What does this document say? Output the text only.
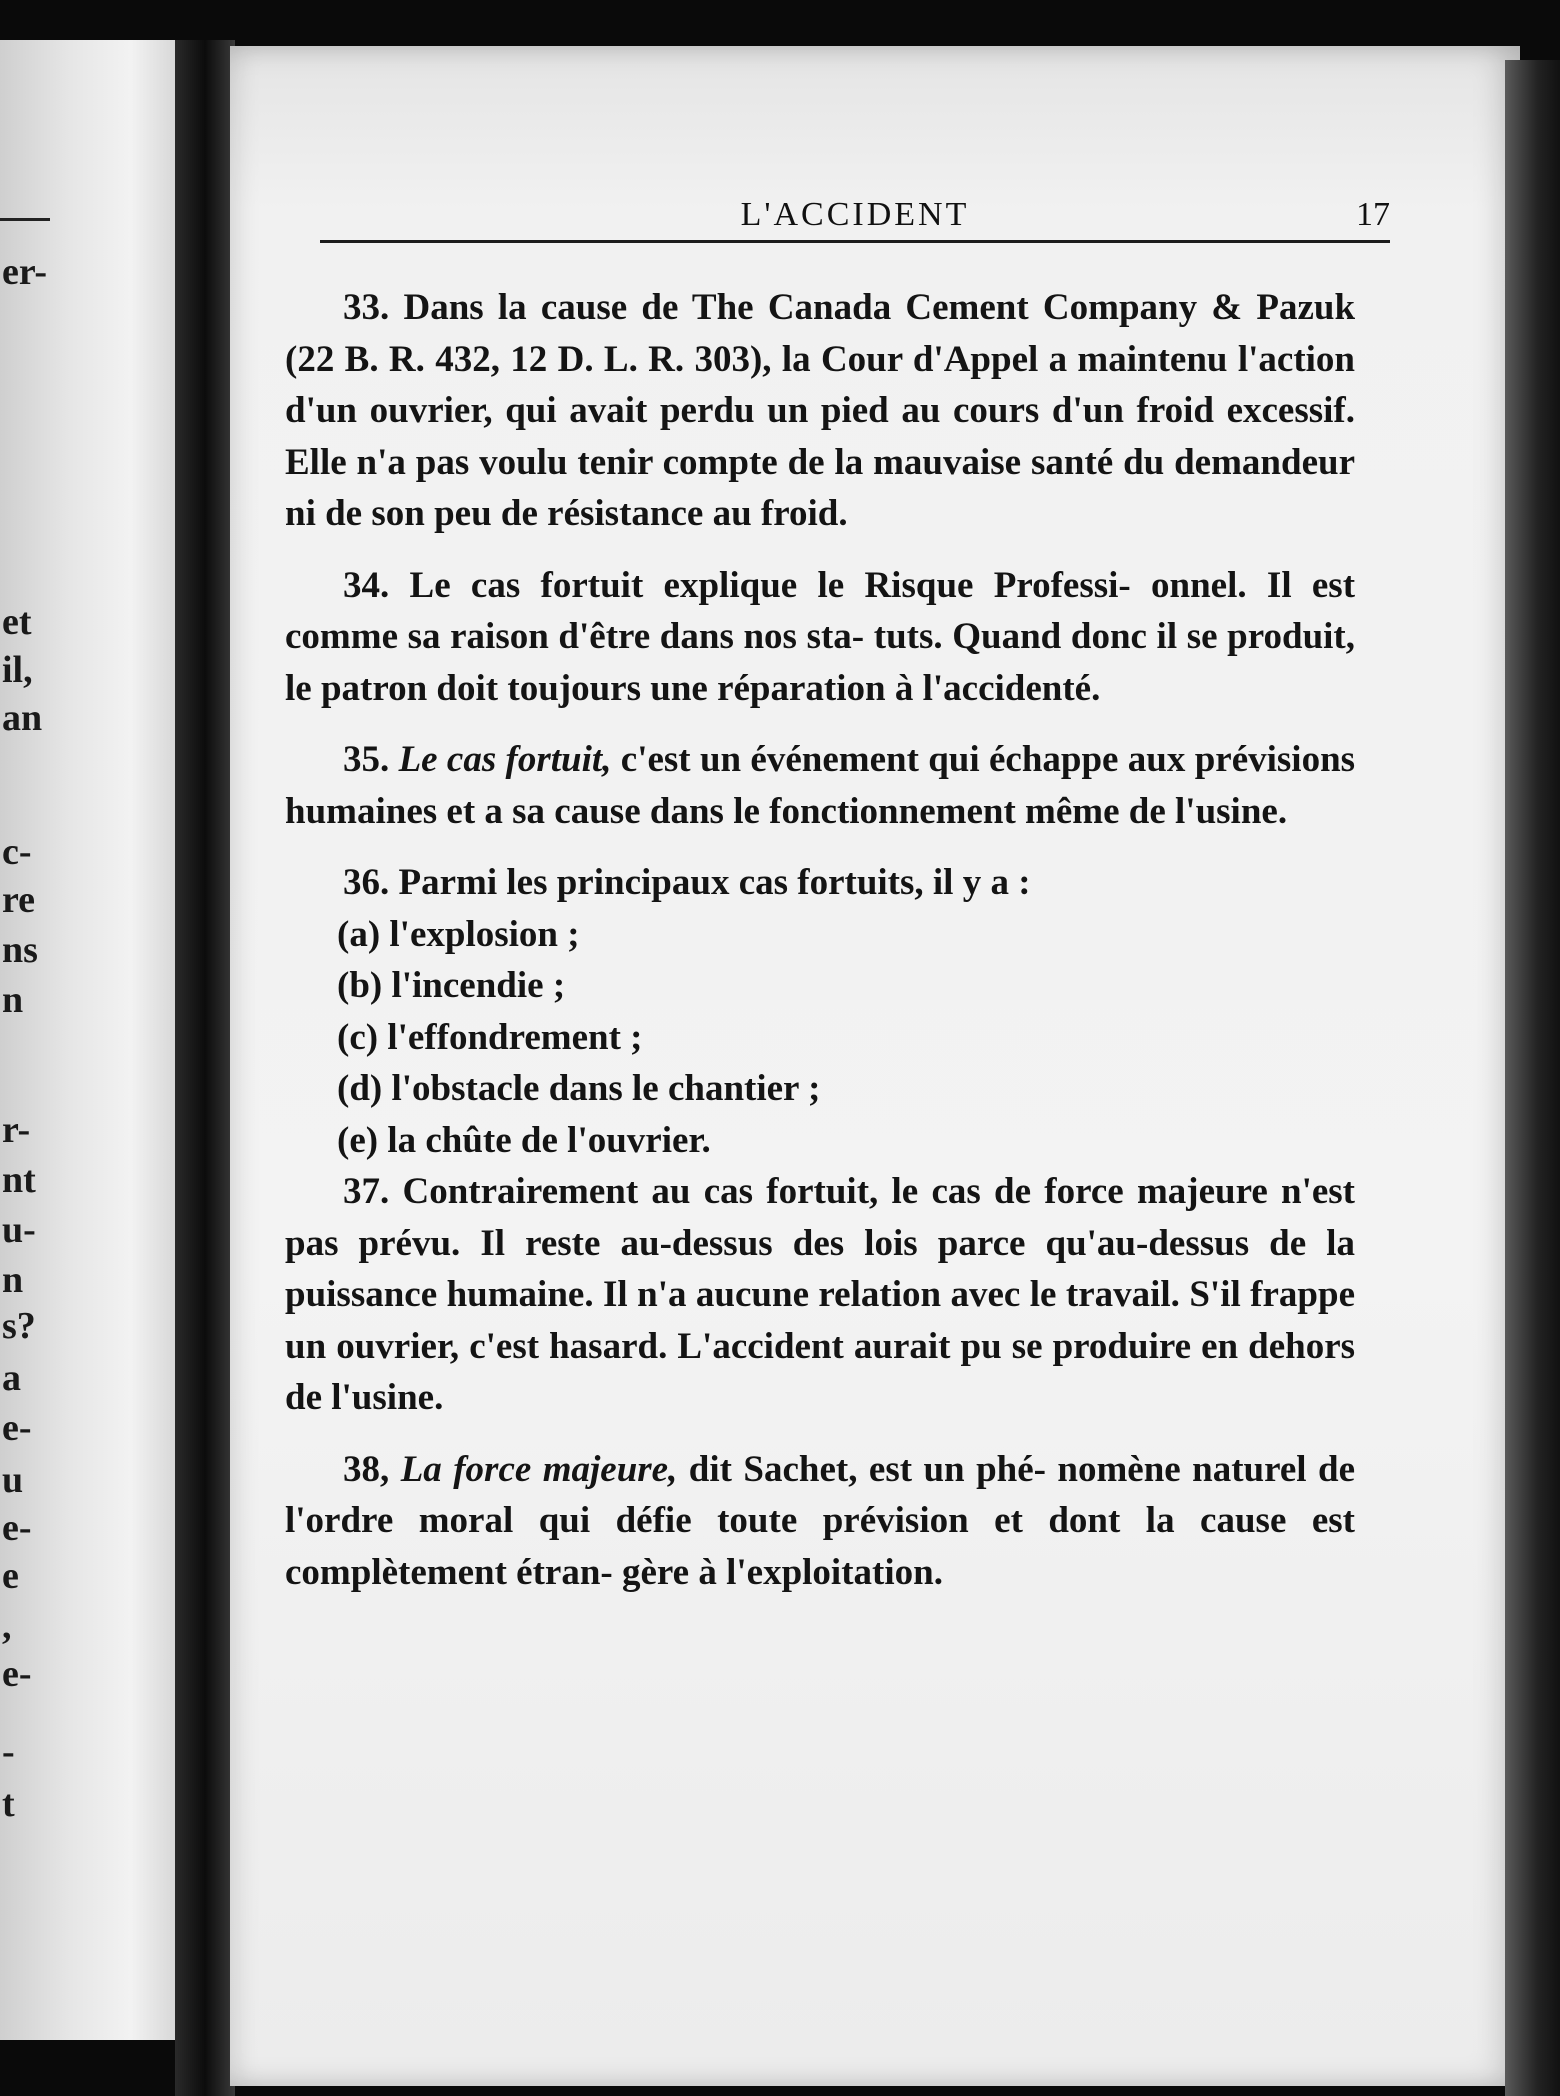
er-
et
il,
an
c-
re
ns
n
r-
nt
u-
n
s?
a
e-
u
e-
e
,
e-
-
t
L'ACCIDENT	17

33. Dans la cause de The Canada Cement Company & Pazuk (22 B. R. 432, 12 D. L. R. 303), la Cour d'Appel a maintenu l'action d'un ouvrier, qui avait perdu un pied au cours d'un froid excessif. Elle n'a pas voulu tenir compte de la mauvaise santé du demandeur ni de son peu de résistance au froid.

34. Le cas fortuit explique le Risque Professi- onnel. Il est comme sa raison d'être dans nos sta- tuts. Quand donc il se produit, le patron doit toujours une réparation à l'accidenté.

35. Le cas fortuit, c'est un événement qui échappe aux prévisions humaines et a sa cause dans le fonctionnement même de l'usine.

36. Parmi les principaux cas fortuits, il y a :

(a) l'explosion ;

(b) l'incendie ;

(c) l'effondrement ;

(d) l'obstacle dans le chantier ;

(e) la chûte de l'ouvrier.

37. Contrairement au cas fortuit, le cas de force majeure n'est pas prévu. Il reste au-dessus des lois parce qu'au-dessus de la puissance humaine. Il n'a aucune relation avec le travail. S'il frappe un ouvrier, c'est hasard. L'accident aurait pu se produire en dehors de l'usine.

38, La force majeure, dit Sachet, est un phé- nomène naturel de l'ordre moral qui défie toute prévision et dont la cause est complètement étran- gère à l'exploitation.
